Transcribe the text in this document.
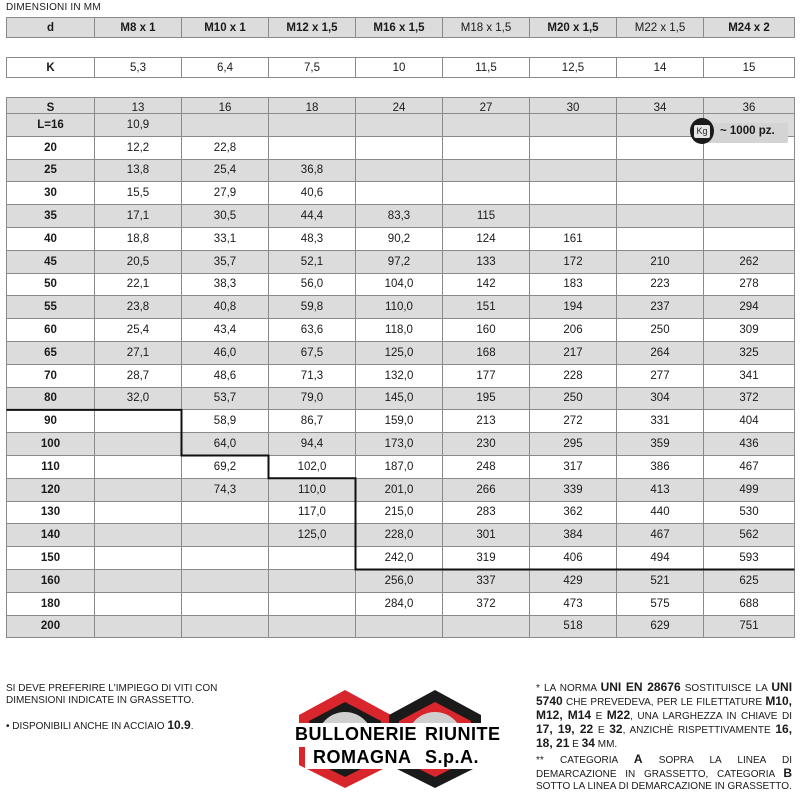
DIMENSIONI IN MM
d	M8 x 1	M10 x 1	M12 x 1,5	M16 x 1,5	M18 x 1,5	M20 x 1,5	M22 x 1,5	M24 x 2

K	5,3	6,4	7,5	10	11,5	12,5	14	15

S	13	16	18	24	27	30	34	36
L=16	10,9							
20	12,2	22,8						
25	13,8	25,4	36,8					
30	15,5	27,9	40,6					
35	17,1	30,5	44,4	83,3	115			
40	18,8	33,1	48,3	90,2	124	161		
45	20,5	35,7	52,1	97,2	133	172	210	262
50	22,1	38,3	56,0	104,0	142	183	223	278
55	23,8	40,8	59,8	110,0	151	194	237	294
60	25,4	43,4	63,6	118,0	160	206	250	309
65	27,1	46,0	67,5	125,0	168	217	264	325
70	28,7	48,6	71,3	132,0	177	228	277	341
80	32,0	53,7	79,0	145,0	195	250	304	372
90		58,9	86,7	159,0	213	272	331	404
100		64,0	94,4	173,0	230	295	359	436
110		69,2	102,0	187,0	248	317	386	467
120		74,3	110,0	201,0	266	339	413	499
130			117,0	215,0	283	362	440	530
140			125,0	228,0	301	384	467	562
150				242,0	319	406	494	593
160				256,0	337	429	521	625
180				284,0	372	473	575	688
200						518	629	751
~ 1000 pz.
Kg
SI DEVE PREFERIRE L'IMPIEGO DI VITI CON DIMENSIONI INDICATE IN GRASSETTO.
• DISPONIBILI ANCHE IN ACCIAIO 10.9.
* LA NORMA UNI EN 28676 SOSTITUISCE LA UNI 5740 CHE PREVEDEVA, PER LE FILETTATURE M10, M12, M14 E M22, UNA LARGHEZZA IN CHIAVE DI 17, 19, 22 E 32, ANZICHÈ RISPETTIVAMENTE 16, 18, 21 E 34 MM.
** CATEGORIA A SOPRA LA LINEA DI DEMARCAZIONE IN GRASSETTO, CATEGORIA B SOTTO LA LINEA DI DEMARCAZIONE IN GRASSETTO.
BULLONERIE RIUNITE
ROMAGNA S.p.A.
